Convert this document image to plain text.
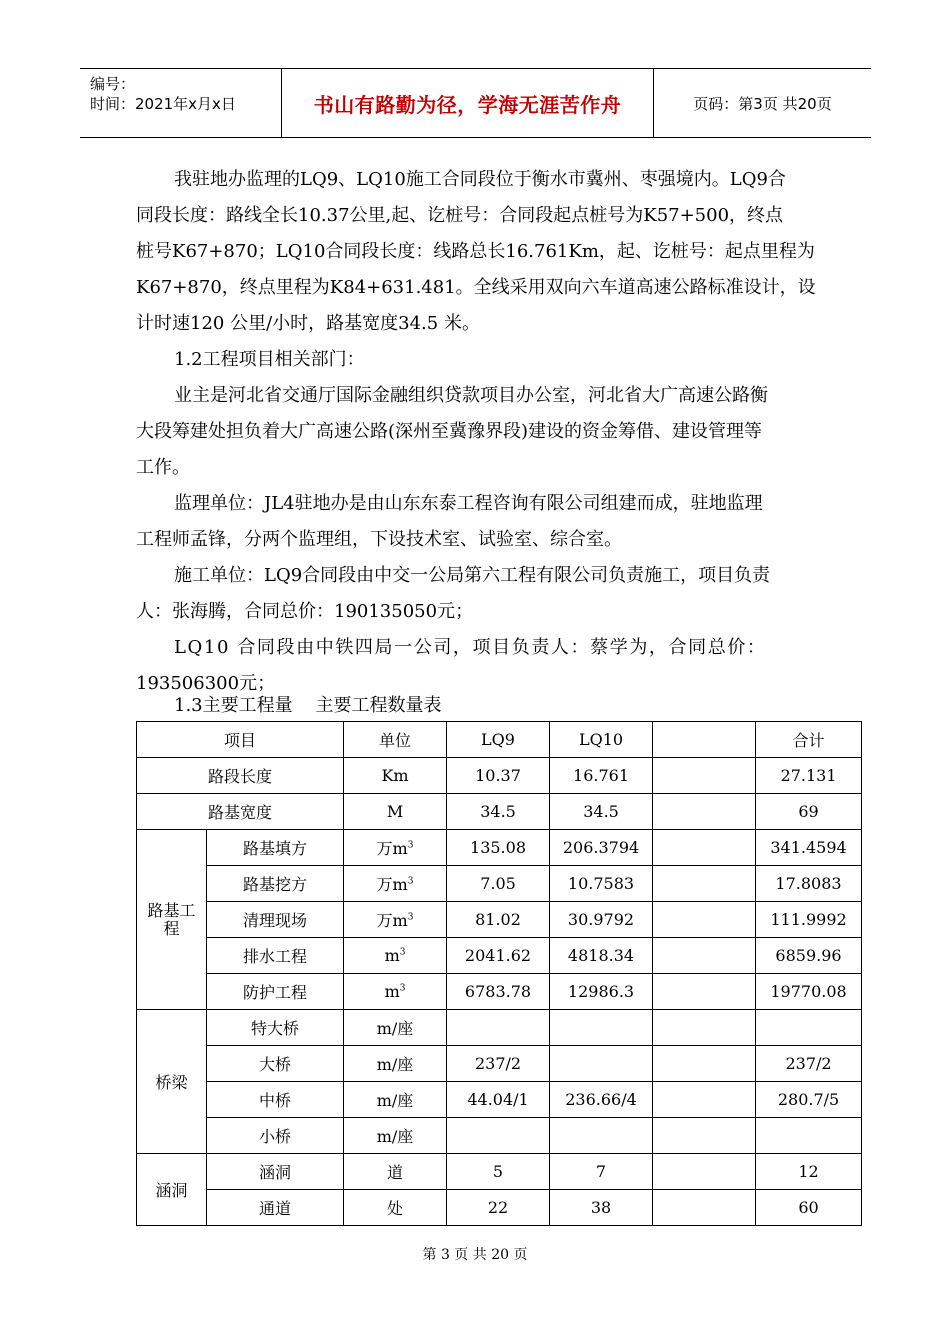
编号：
时间：2021年x月x日	书山有路勤为径，学海无涯苦作舟	页码：第3页 共20页
我驻地办监理的LQ9、LQ10施工合同段位于衡水市冀州、枣强境内。LQ9合
同段长度：路线全长10.37公里,起、讫桩号：合同段起点桩号为K57+500，终点
桩号K67+870；LQ10合同段长度：线路总长16.761Km，起、讫桩号：起点里程为
K67+870，终点里程为K84+631.481。全线采用双向六车道高速公路标准设计，设
计时速120 公里/小时，路基宽度34.5 米。
1.2工程项目相关部门：
业主是河北省交通厅国际金融组织贷款项目办公室，河北省大广高速公路衡
大段筹建处担负着大广高速公路(深州至冀豫界段)建设的资金筹借、建设管理等
工作。
监理单位：JL4驻地办是由山东东泰工程咨询有限公司组建而成，驻地监理
工程师孟锋，分两个监理组，下设技术室、试验室、综合室。
施工单位：LQ9合同段由中交一公局第六工程有限公司负责施工，项目负责
人：张海腾，合同总价：190135050元；
LQ10 合同段由中铁四局一公司，项目负责人：蔡学为，合同总价：
193506300元；
1.3主要工程量    主要工程数量表
项目		单位	LQ9	LQ10		合计
路段长度		Km	10.37	16.761		27.131
路基宽度		M	34.5	34.5		69
路基工程	路基填方	万$m^3$	135.08	206.3794		341.4594
	路基挖方	万$m^3$	7.05	10.7583		17.8083
	清理现场	万$m^3$	81.02	30.9792		111.9992
	排水工程	$m^3$	2041.62	4818.34		6859.96
	防护工程	$m^3$	6783.78	12986.3		19770.08
桥梁	特大桥	m/座				
	大桥	m/座	237/2			237/2
	中桥	m/座	44.04/1	236.66/4		280.7/5
	小桥	m/座				
涵洞	涵洞	道	5	7		12
	通道	处	22	38		60
第 3 页 共 20 页
